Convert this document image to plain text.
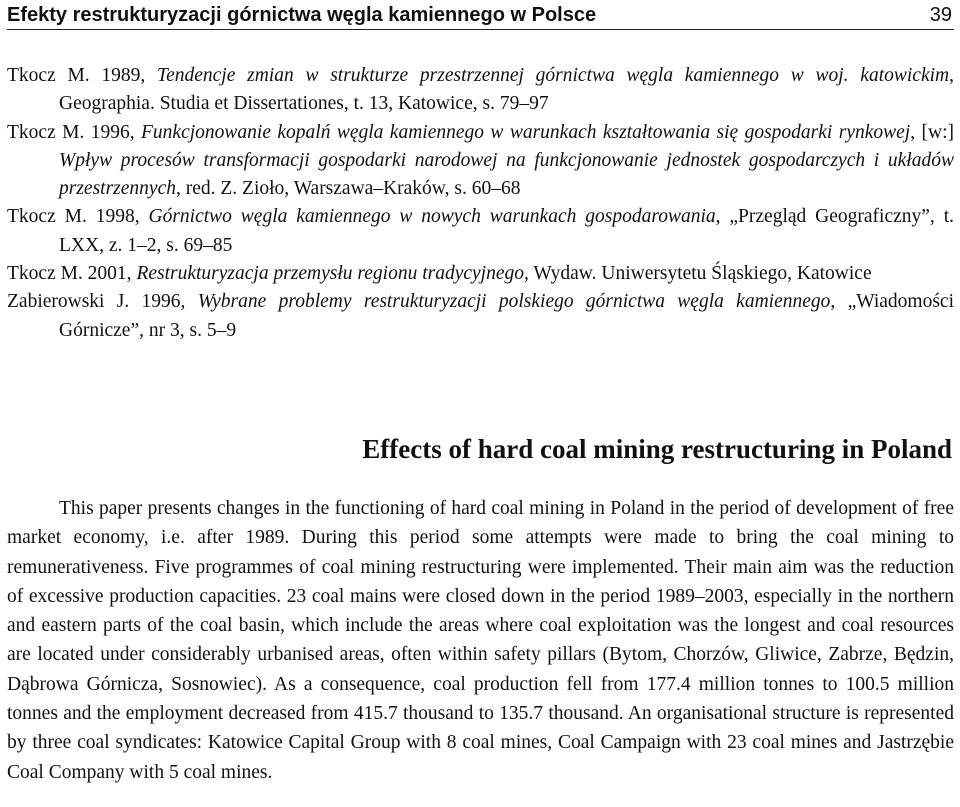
Efekty restrukturyzacji górnictwa węgla kamiennego w Polsce	39

Tkocz M. 1989, Tendencje zmian w strukturze przestrzennej górnictwa węgla kamiennego w woj. katowickim, Geographia. Studia et Dissertationes, t. 13, Katowice, s. 79–97

Tkocz M. 1996, Funkcjonowanie kopalń węgla kamiennego w warunkach kształtowania się gospodarki rynkowej, [w:] Wpływ procesów transformacji gospodarki narodowej na funkcjonowanie jednostek gospodarczych i układów przestrzennych, red. Z. Zioło, Warszawa–Kraków, s. 60–68

Tkocz M. 1998, Górnictwo węgla kamiennego w nowych warunkach gospodarowania, „Przegląd Geograficzny”, t. LXX, z. 1–2, s. 69–85

Tkocz M. 2001, Restrukturyzacja przemysłu regionu tradycyjnego, Wydaw. Uniwersytetu Śląskiego, Katowice

Zabierowski J. 1996, Wybrane problemy restrukturyzacji polskiego górnictwa węgla kamiennego, „Wiadomości Górnicze”, nr 3, s. 5–9

Effects of hard coal mining restructuring in Poland

This paper presents changes in the functioning of hard coal mining in Poland in the period of development of free market economy, i.e. after 1989. During this period some attempts were made to bring the coal mining to remunerativeness. Five programmes of coal mining restructuring were implemented. Their main aim was the reduction of excessive production capacities. 23 coal mains were closed down in the period 1989–2003, especially in the northern and eastern parts of the coal basin, which include the areas where coal exploitation was the longest and coal resources are located under considerably urbanised areas, often within safety pillars (Bytom, Chorzów, Gliwice, Zabrze, Będzin, Dąbrowa Górnicza, Sosnowiec). As a consequence, coal production fell from 177.4 million tonnes to 100.5 million tonnes and the employment decreased from 415.7 thousand to 135.7 thousand. An organisational structure is represented by three coal syndicates: Katowice Capital Group with 8 coal mines, Coal Campaign with 23 coal mines and Jastrzębie Coal Company with 5 coal mines.
